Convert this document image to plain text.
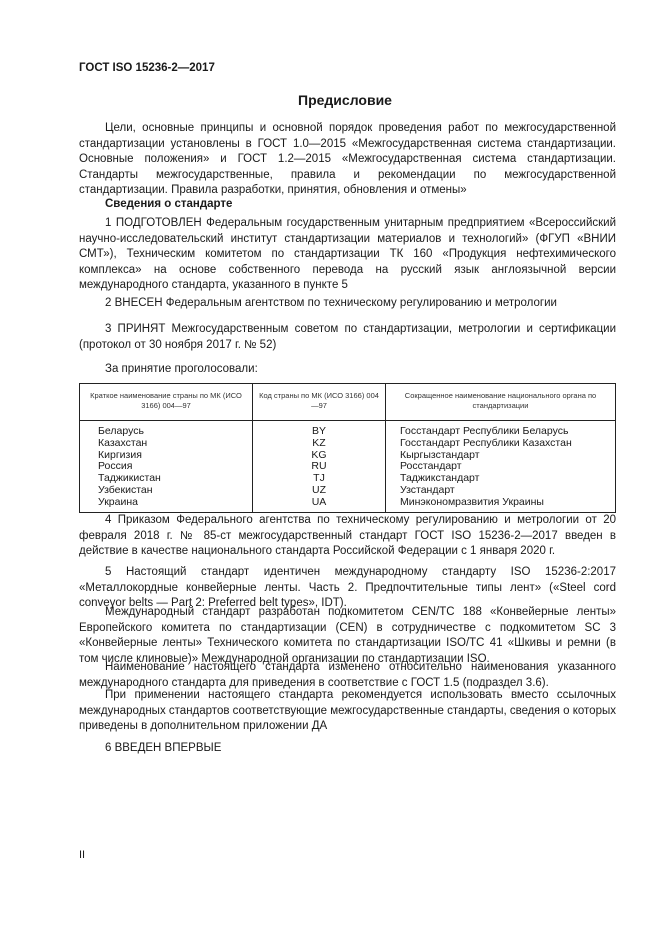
ГОСТ ISO 15236-2—2017
Предисловие
Цели, основные принципы и основной порядок проведения работ по межгосударственной стандартизации установлены в ГОСТ 1.0—2015 «Межгосударственная система стандартизации. Основные положения» и ГОСТ 1.2—2015 «Межгосударственная система стандартизации. Стандарты межгосударственные, правила и рекомендации по межгосударственной стандартизации. Правила разработки, принятия, обновления и отмены»
Сведения о стандарте
1 ПОДГОТОВЛЕН Федеральным государственным унитарным предприятием «Всероссийский научно-исследовательский институт стандартизации материалов и технологий» (ФГУП «ВНИИ СМТ»), Техническим комитетом по стандартизации ТК 160 «Продукция нефтехимического комплекса» на основе собственного перевода на русский язык англоязычной версии международного стандарта, указанного в пункте 5
2 ВНЕСЕН Федеральным агентством по техническому регулированию и метрологии
3 ПРИНЯТ Межгосударственным советом по стандартизации, метрологии и сертификации (протокол от 30 ноября 2017 г. № 52)
За принятие проголосовали:
Краткое наименование страны по МК (ИСО 3166) 004—97	Код страны по МК (ИСО 3166) 004—97	Сокращенное наименование национального органа по стандартизации
Беларусь	BY	Госстандарт Республики Беларусь
Казахстан	KZ	Госстандарт Республики Казахстан
Киргизия	KG	Кыргызстандарт
Россия	RU	Росстандарт
Таджикистан	TJ	Таджикстандарт
Узбекистан	UZ	Узстандарт
Украина	UA	Минэкономразвития Украины
4 Приказом Федерального агентства по техническому регулированию и метрологии от 20 февраля 2018 г. № 85-ст межгосударственный стандарт ГОСТ ISO 15236-2—2017 введен в действие в качестве национального стандарта Российской Федерации с 1 января 2020 г.
5 Настоящий стандарт идентичен международному стандарту ISO 15236-2:2017 «Металлокордные конвейерные ленты. Часть 2. Предпочтительные типы лент» («Steel cord conveyor belts — Part 2: Preferred belt types», IDT).
Международный стандарт разработан подкомитетом CEN/TC 188 «Конвейерные ленты» Европейского комитета по стандартизации (CEN) в сотрудничестве с подкомитетом SC 3 «Конвейерные ленты» Технического комитета по стандартизации ISO/TC 41 «Шкивы и ремни (в том числе клиновые)» Международной организации по стандартизации ISO.
Наименование настоящего стандарта изменено относительно наименования указанного международного стандарта для приведения в соответствие с ГОСТ 1.5 (подраздел 3.6).
При применении настоящего стандарта рекомендуется использовать вместо ссылочных международных стандартов соответствующие межгосударственные стандарты, сведения о которых приведены в дополнительном приложении ДА
6 ВВЕДЕН ВПЕРВЫЕ
II
